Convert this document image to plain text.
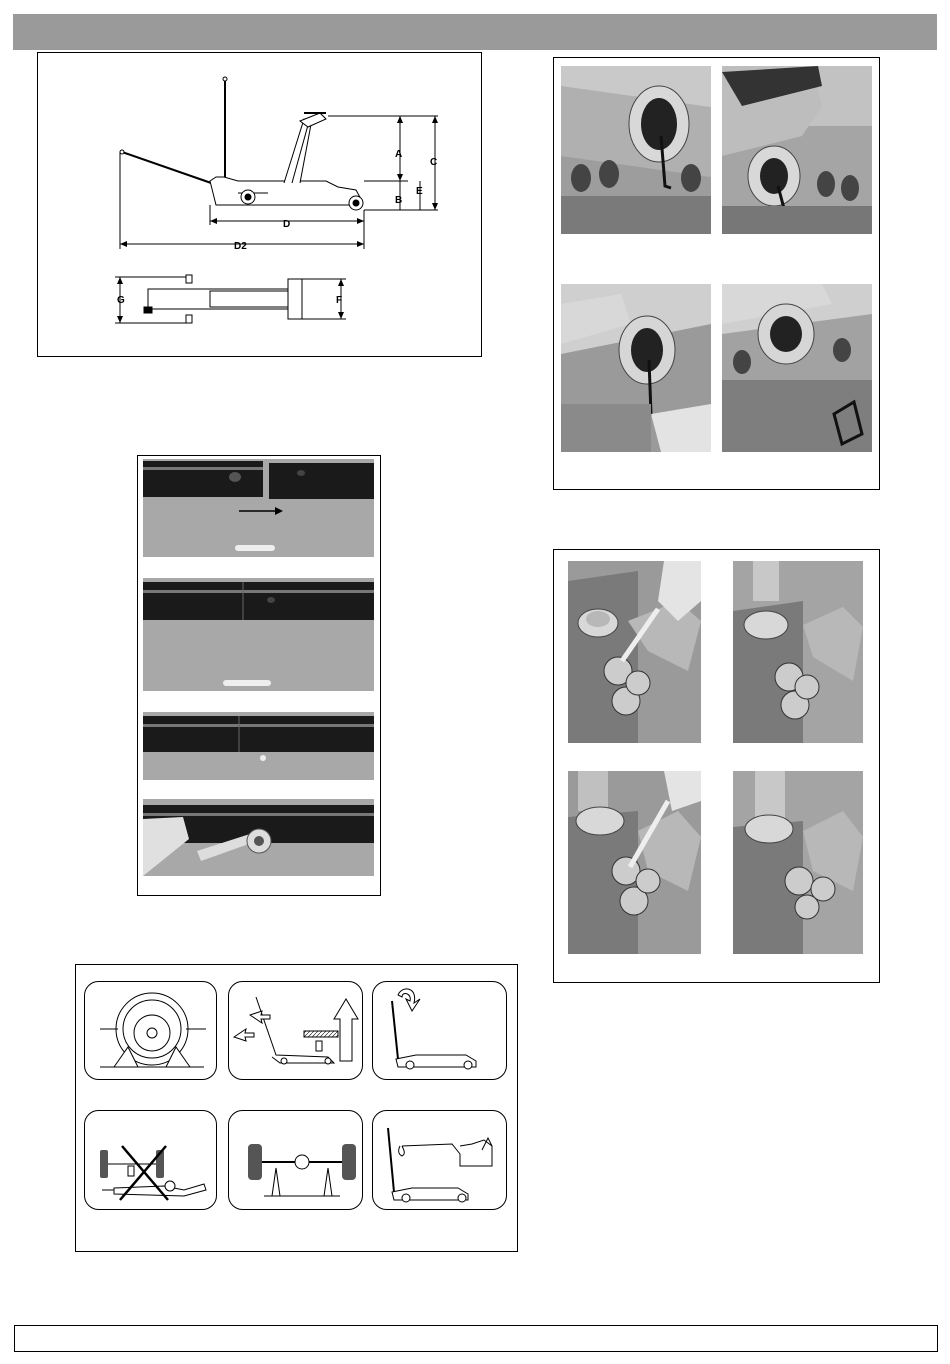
A
B
C
D
D2
E
F
G
